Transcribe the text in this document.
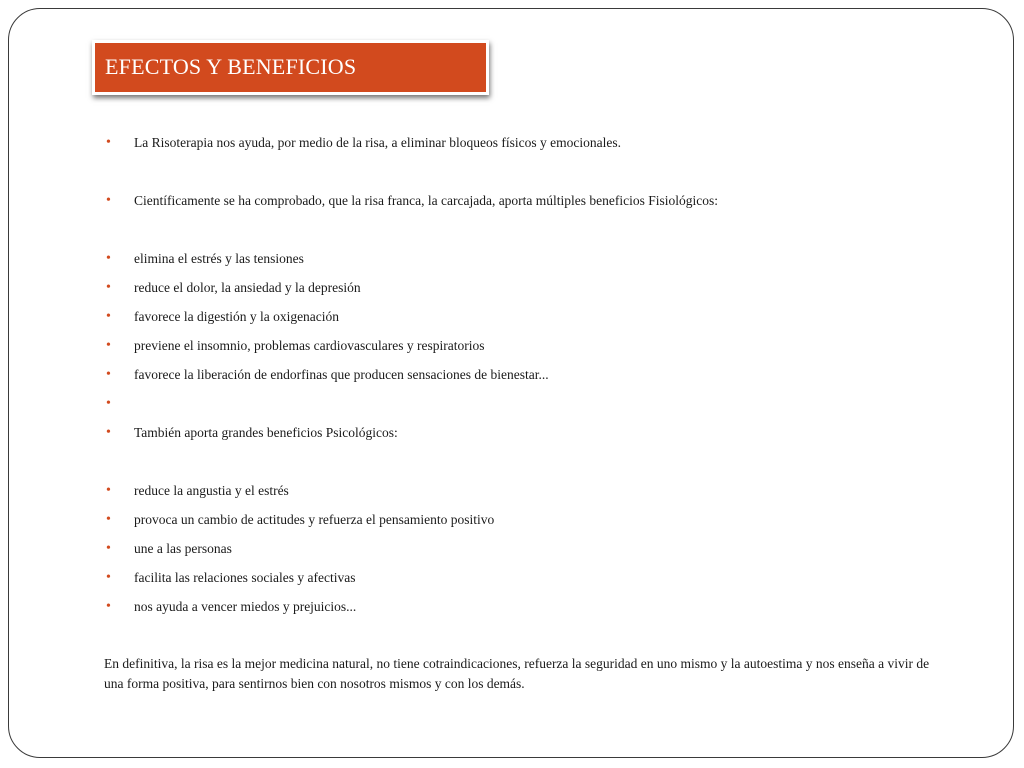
EFECTOS Y BENEFICIOS
• La Risoterapia nos ayuda, por medio de la risa, a eliminar bloqueos físicos y emocionales.
• Científicamente se ha comprobado, que la risa franca, la carcajada, aporta múltiples beneficios Fisiológicos:
• elimina el estrés y las tensiones
• reduce el dolor, la ansiedad y la depresión
• favorece la digestión y la oxigenación
• previene el insomnio, problemas cardiovasculares y respiratorios
• favorece la liberación de endorfinas que producen sensaciones de bienestar...
•
• También aporta grandes beneficios Psicológicos:
• reduce la angustia y el estrés
• provoca un cambio de actitudes y refuerza el pensamiento positivo
• une a las personas
• facilita las relaciones sociales y afectivas
• nos ayuda a vencer miedos y prejuicios...

En definitiva, la risa es la mejor medicina natural, no tiene cotraindicaciones, refuerza la seguridad en uno mismo y la autoestima y nos enseña a vivir de una forma positiva, para sentirnos bien con nosotros mismos y con los demás.
